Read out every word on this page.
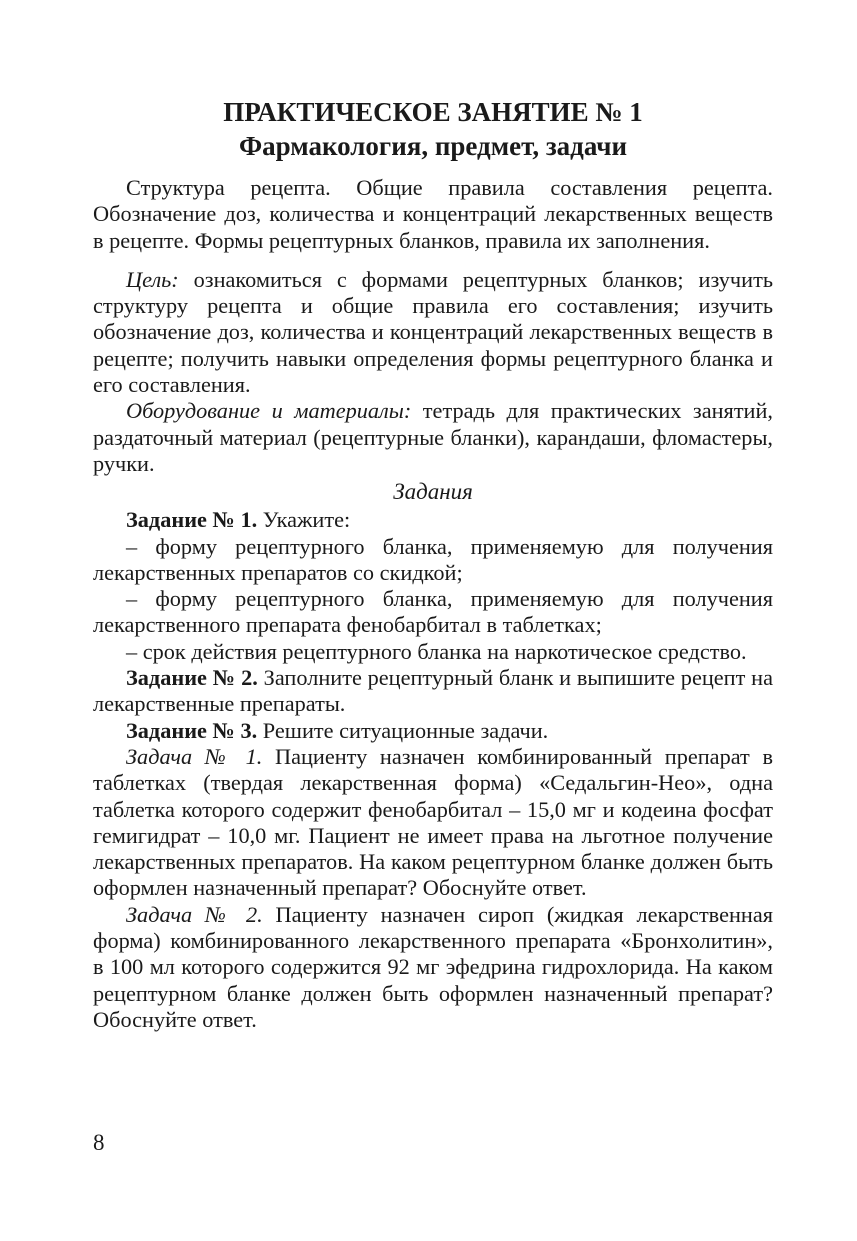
ПРАКТИЧЕСКОЕ ЗАНЯТИЕ № 1
Фармакология, предмет, задачи

Структура рецепта. Общие правила составления рецепта. Обозначение доз, количества и концентраций лекарственных веществ в рецепте. Формы рецептурных бланков, правила их заполнения.

Цель: ознакомиться с формами рецептурных бланков; изучить структуру рецепта и общие правила его составления; изучить обозначение доз, количества и концентраций лекарственных веществ в рецепте; получить навыки определения формы рецептурного бланка и его составления.

Оборудование и материалы: тетрадь для практических занятий, раздаточный материал (рецептурные бланки), карандаши, фломастеры, ручки.

Задания

Задание № 1. Укажите:

– форму рецептурного бланка, применяемую для получения лекарственных препаратов со скидкой;

– форму рецептурного бланка, применяемую для получения лекарственного препарата фенобарбитал в таблетках;

– срок действия рецептурного бланка на наркотическое средство.

Задание № 2. Заполните рецептурный бланк и выпишите рецепт на лекарственные препараты.

Задание № 3. Решите ситуационные задачи.

Задача № 1. Пациенту назначен комбинированный препарат в таблетках (твердая лекарственная форма) «Седальгин-Нео», одна таблетка которого содержит фенобарбитал – 15,0 мг и кодеина фосфат гемигидрат – 10,0 мг. Пациент не имеет права на льготное получение лекарственных препаратов. На каком рецептурном бланке должен быть оформлен назначенный препарат? Обоснуйте ответ.

Задача № 2. Пациенту назначен сироп (жидкая лекарственная форма) комбинированного лекарственного препарата «Бронхолитин», в 100 мл которого содержится 92 мг эфедрина гидрохлорида. На каком рецептурном бланке должен быть оформлен назначенный препарат? Обоснуйте ответ.

8
